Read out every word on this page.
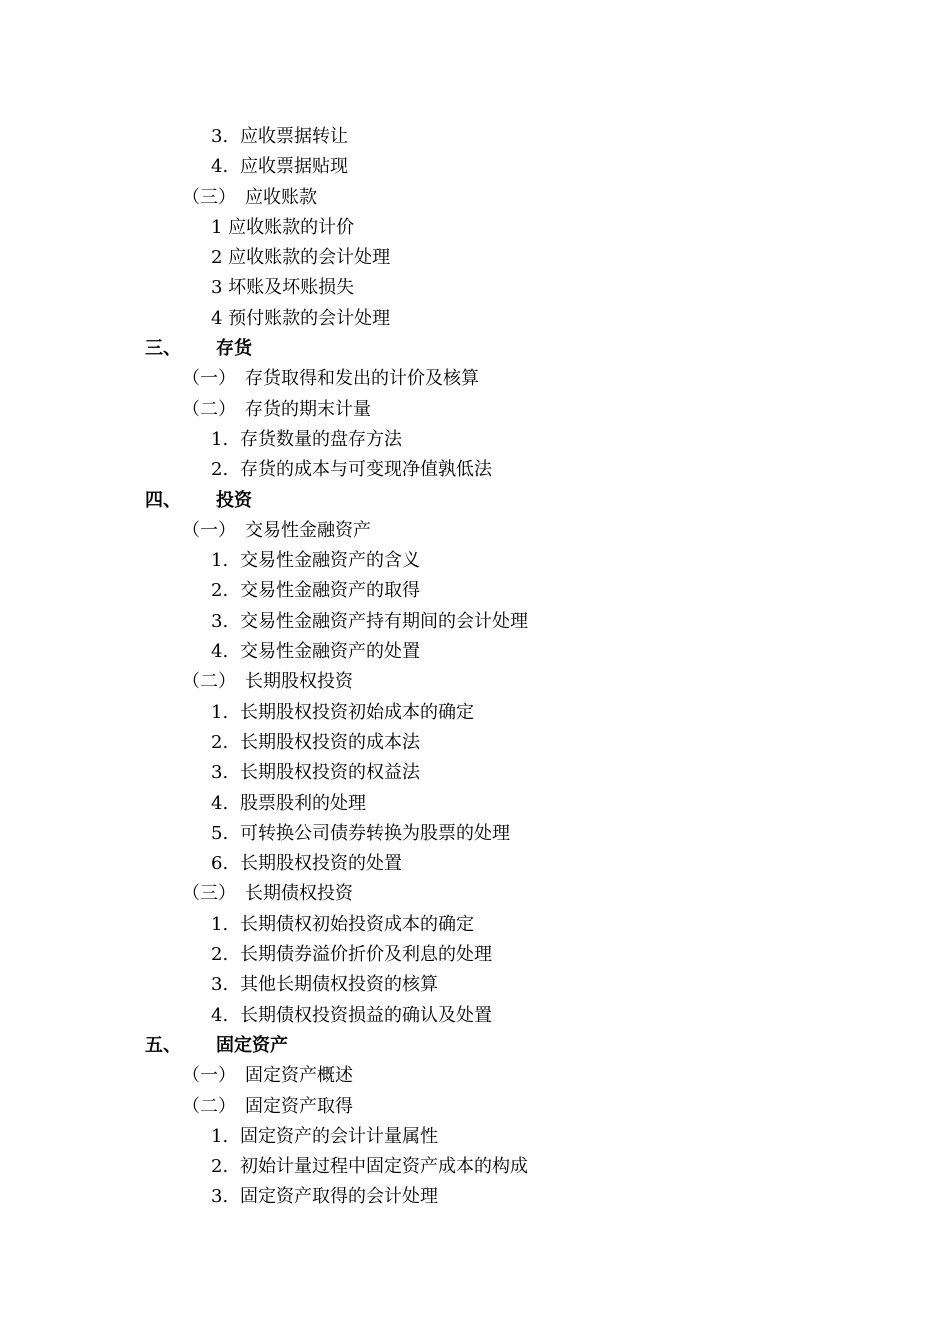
3. 应收票据转让
4. 应收票据贴现
（三） 应收账款
1 应收账款的计价
2 应收账款的会计处理
3 坏账及坏账损失
4 预付账款的会计处理
三、 存货
（一） 存货取得和发出的计价及核算
（二） 存货的期末计量
1. 存货数量的盘存方法
2. 存货的成本与可变现净值孰低法
四、 投资
（一） 交易性金融资产
1. 交易性金融资产的含义
2. 交易性金融资产的取得
3. 交易性金融资产持有期间的会计处理
4. 交易性金融资产的处置
（二） 长期股权投资
1. 长期股权投资初始成本的确定
2. 长期股权投资的成本法
3. 长期股权投资的权益法
4. 股票股利的处理
5. 可转换公司债券转换为股票的处理
6. 长期股权投资的处置
（三） 长期债权投资
1. 长期债权初始投资成本的确定
2. 长期债券溢价折价及利息的处理
3. 其他长期债权投资的核算
4. 长期债权投资损益的确认及处置
五、 固定资产
（一） 固定资产概述
（二） 固定资产取得
1. 固定资产的会计计量属性
2. 初始计量过程中固定资产成本的构成
3. 固定资产取得的会计处理
